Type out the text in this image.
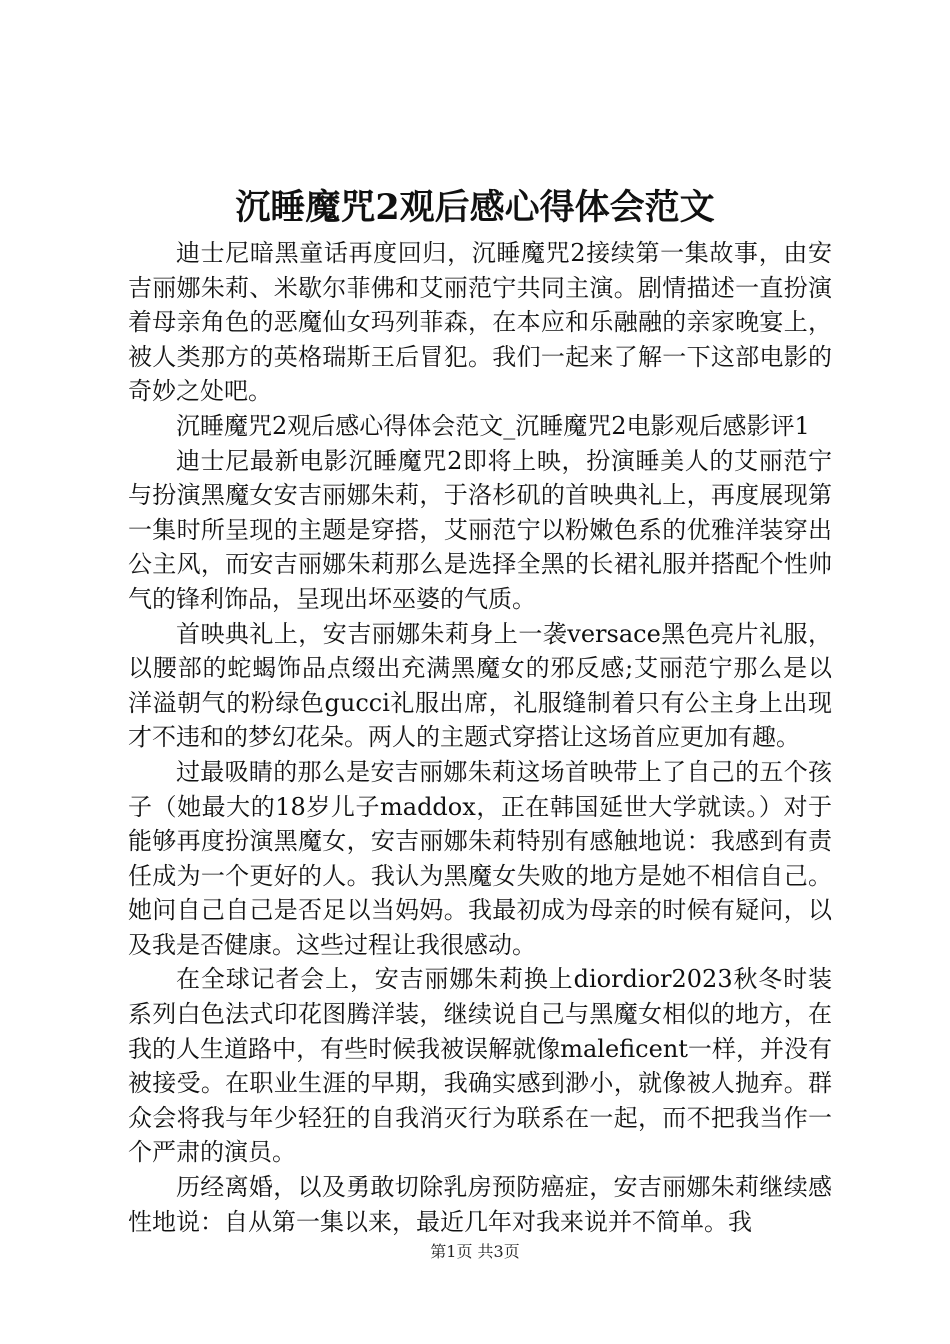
沉睡魔咒2观后感心得体会范文

迪士尼暗黑童话再度回归，沉睡魔咒2接续第一集故事，由安吉丽娜朱莉、米歇尔菲佛和艾丽范宁共同主演。剧情描述一直扮演着母亲角色的恶魔仙女玛列菲森，在本应和乐融融的亲家晚宴上，被人类那方的英格瑞斯王后冒犯。我们一起来了解一下这部电影的奇妙之处吧。

沉睡魔咒2观后感心得体会范文_沉睡魔咒2电影观后感影评1

迪士尼最新电影沉睡魔咒2即将上映，扮演睡美人的艾丽范宁与扮演黑魔女安吉丽娜朱莉，于洛杉矶的首映典礼上，再度展现第一集时所呈现的主题是穿搭，艾丽范宁以粉嫩色系的优雅洋装穿出公主风，而安吉丽娜朱莉那么是选择全黑的长裙礼服并搭配个性帅气的锋利饰品，呈现出坏巫婆的气质。

首映典礼上，安吉丽娜朱莉身上一袭versace黑色亮片礼服，以腰部的蛇蝎饰品点缀出充满黑魔女的邪反感;艾丽范宁那么是以洋溢朝气的粉绿色gucci礼服出席，礼服缝制着只有公主身上出现才不违和的梦幻花朵。两人的主题式穿搭让这场首应更加有趣。

过最吸睛的那么是安吉丽娜朱莉这场首映带上了自己的五个孩子（她最大的18岁儿子maddox，正在韩国延世大学就读。）对于能够再度扮演黑魔女，安吉丽娜朱莉特别有感触地说：我感到有责任成为一个更好的人。我认为黑魔女失败的地方是她不相信自己。她问自己自己是否足以当妈妈。我最初成为母亲的时候有疑问，以及我是否健康。这些过程让我很感动。

在全球记者会上，安吉丽娜朱莉换上diordior2023秋冬时装系列白色法式印花图腾洋装，继续说自己与黑魔女相似的地方，在我的人生道路中，有些时候我被误解就像maleficent一样，并没有被接受。在职业生涯的早期，我确实感到渺小，就像被人抛弃。群众会将我与年少轻狂的自我消灭行为联系在一起，而不把我当作一个严肃的演员。

历经离婚，以及勇敢切除乳房预防癌症，安吉丽娜朱莉继续感性地说：自从第一集以来，最近几年对我来说并不简单。我

第1页 共3页
